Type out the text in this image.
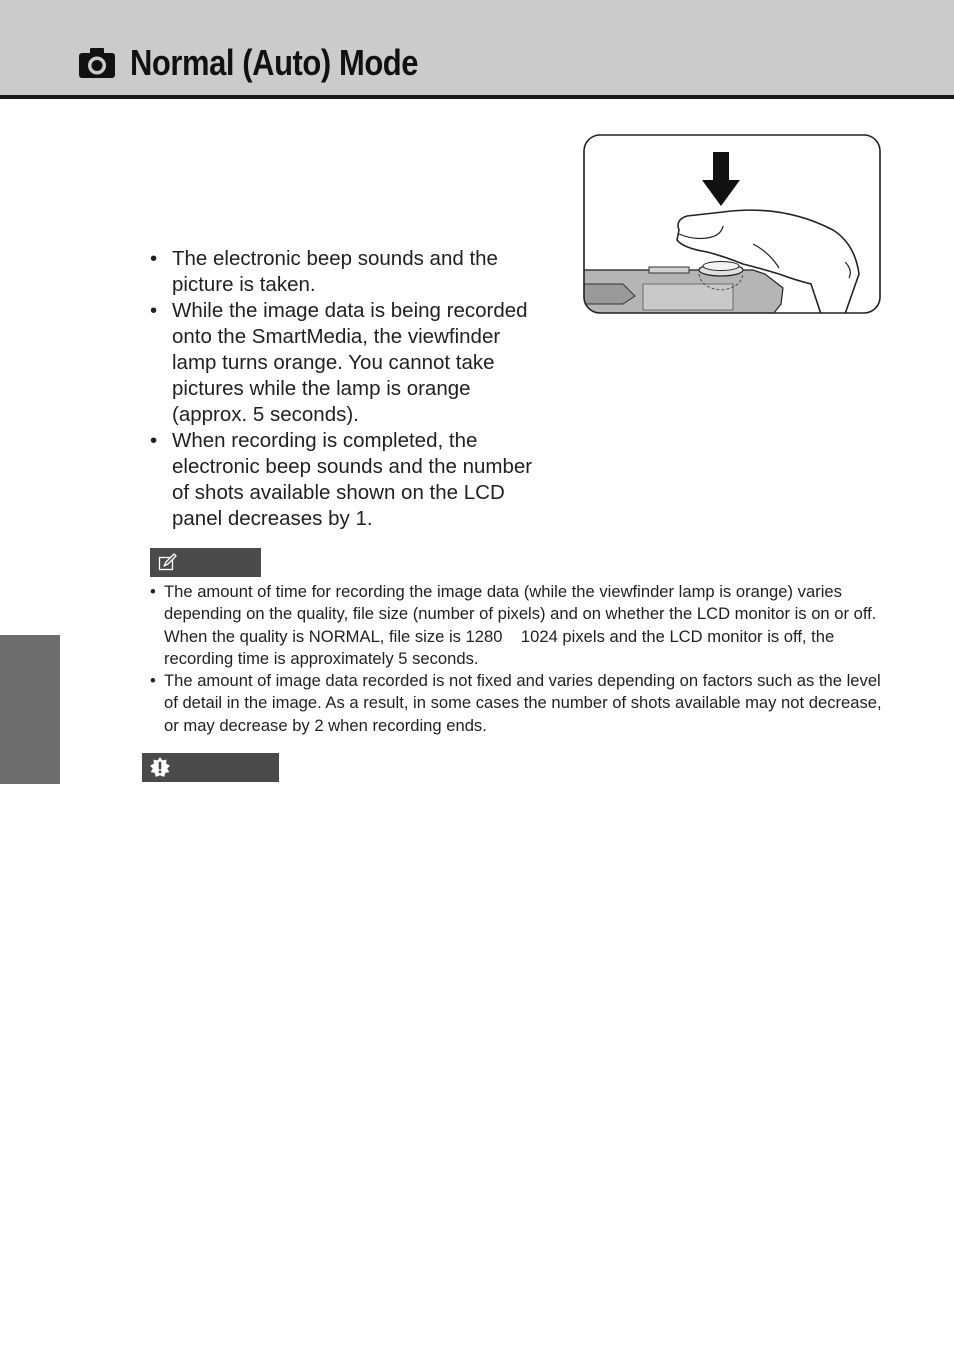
Normal (Auto) Mode
• The electronic beep sounds and the picture is taken.
• While the image data is being recorded onto the SmartMedia, the viewfinder lamp turns orange. You cannot take pictures while the lamp is orange (approx. 5 seconds).
• When recording is completed, the electronic beep sounds and the number of shots available shown on the LCD panel decreases by 1.
• The amount of time for recording the image data (while the viewfinder lamp is orange) varies depending on the quality, file size (number of pixels) and on whether the LCD monitor is on or off. When the quality is NORMAL, file size is 1280    1024 pixels and the LCD monitor is off, the recording time is approximately 5 seconds.
• The amount of image data recorded is not fixed and varies depending on factors such as the level of detail in the image. As a result, in some cases the number of shots available may not decrease, or may decrease by 2 when recording ends.
